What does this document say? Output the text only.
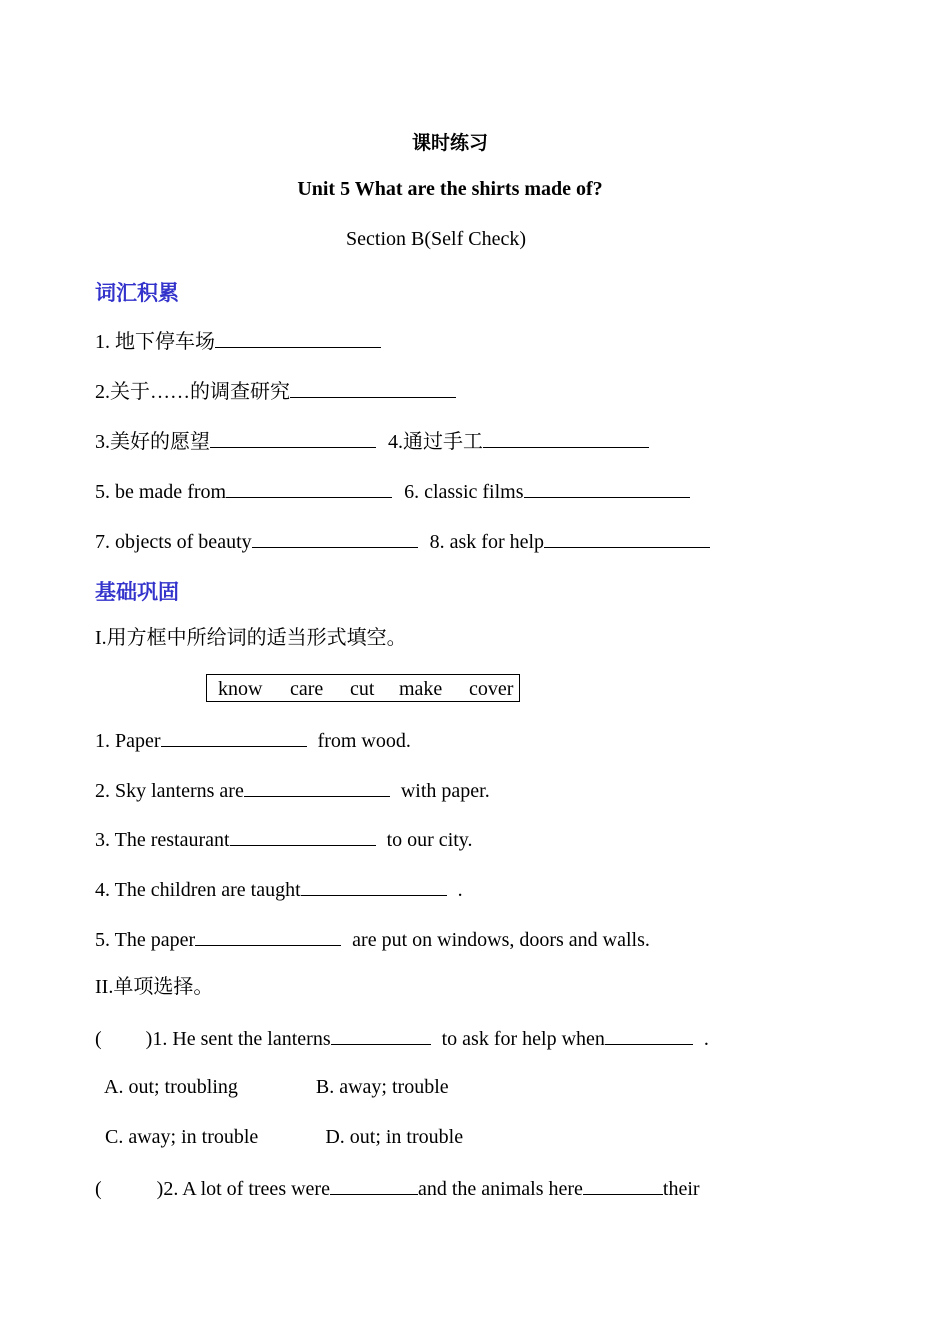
课时练习
Unit 5 What are the shirts made of?
Section B(Self Check)
词汇积累
1. 地下停车场
2.关于……的调查研究
3.美好的愿望	4.通过手工
5. be made from	6. classic films
7. objects of beauty	8. ask for help
基础巩固
I.用方框中所给词的适当形式填空。
know care cut make cover
1. Paper	from wood.
2. Sky lanterns are	with paper.
3. The restaurant	to our city.
4. The children are taught	.
5. The paper	are put on windows, doors and walls.
II.单项选择。
( )1. He sent the lanterns	to ask for help when	.
A. out; troubling	B. away; trouble
C. away; in trouble	D. out; in trouble
(	)2. A lot of trees were	and the animals here	their
